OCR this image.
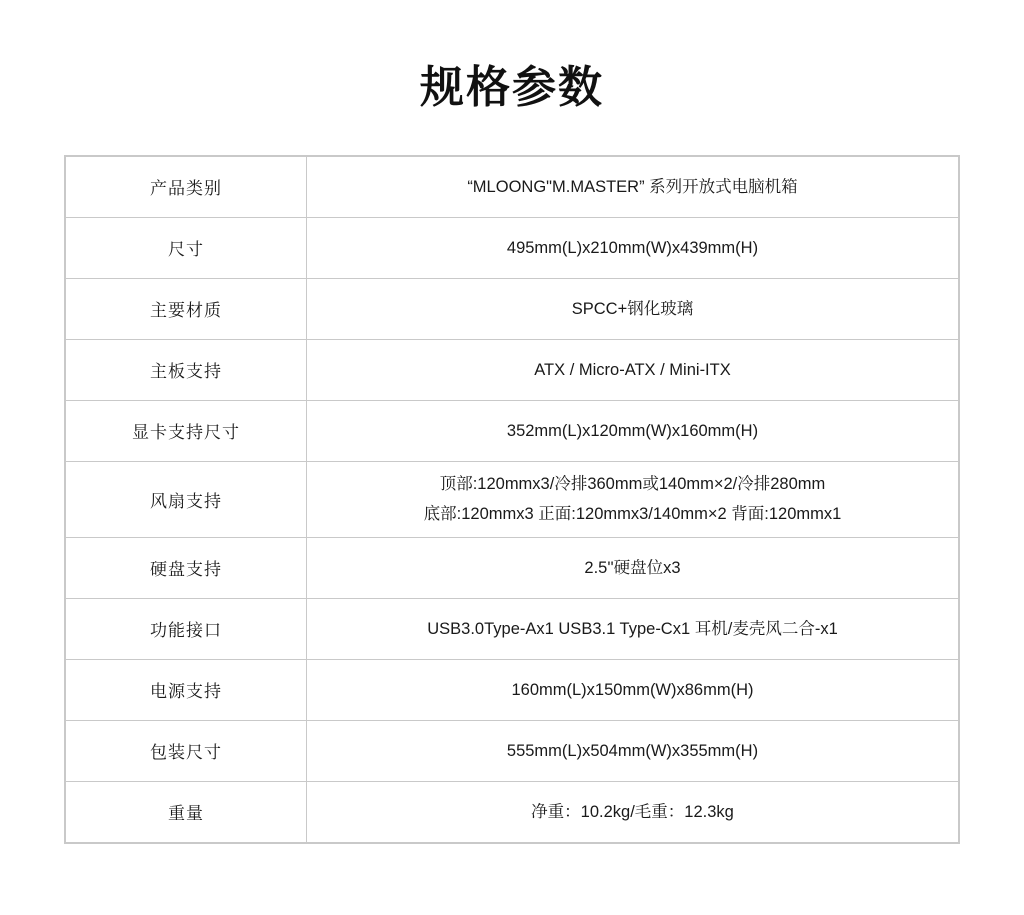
规格参数
产品类别	“MLOONG"M.MASTER” 系列开放式电脑机箱

尺寸	495mm(L)x210mm(W)x439mm(H)

主要材质	SPCC+钢化玻璃

主板支持	ATX / Micro-ATX / Mini-ITX

显卡支持尺寸	352mm(L)x120mm(W)x160mm(H)

风扇支持	顶部:120mmx3/冷排360mm或140mm×2/冷排280mm
底部:120mmx3 正面:120mmx3/140mm×2 背面:120mmx1

硬盘支持	2.5''硬盘位x3

功能接口	USB3.0Type-Ax1 USB3.1 Type-Cx1 耳机/麦壳风二合-x1

电源支持	160mm(L)x150mm(W)x86mm(H)

包装尺寸	555mm(L)x504mm(W)x355mm(H)

重量	净重：10.2kg/毛重：12.3kg
